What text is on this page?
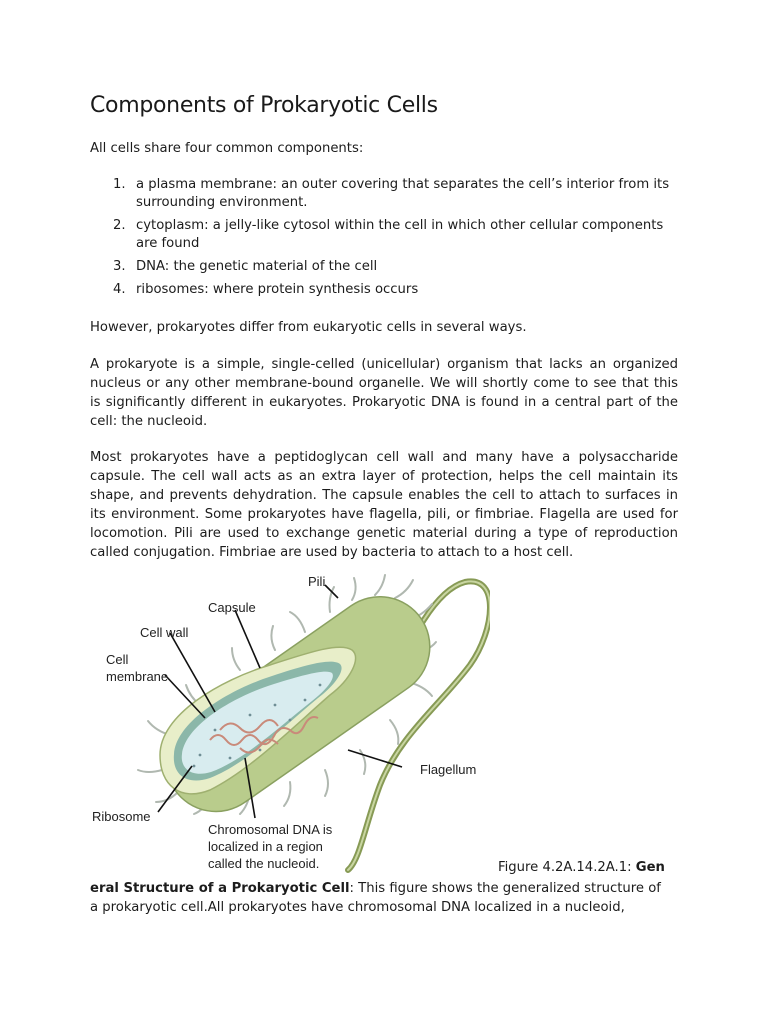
Components of Prokaryotic Cells

All cells share four common components:

1. a plasma membrane: an outer covering that separates the cell’s interior from its
surrounding environment.
2. cytoplasm: a jelly-like cytosol within the cell in which other cellular components
are found
3. DNA: the genetic material of the cell
4. ribosomes: where protein synthesis occurs

However, prokaryotes differ from eukaryotic cells in several ways.

A prokaryote is a simple, single-celled (unicellular) organism that lacks an organized nucleus or any other membrane-bound organelle. We will shortly come to see that this is significantly different in eukaryotes. Prokaryotic DNA is found in a central part of the cell: the nucleoid.

Most prokaryotes have a peptidoglycan cell wall and many have a polysaccharide capsule. The cell wall acts as an extra layer of protection, helps the cell maintain its shape, and prevents dehydration. The capsule enables the cell to attach to surfaces in its environment. Some prokaryotes have flagella, pili, or fimbriae. Flagella are used for locomotion. Pili are used to exchange genetic material during a type of reproduction called conjugation. Fimbriae are used by bacteria to attach to a host cell.

Pili
Capsule
Cell wall
Cell
membrane
Flagellum
Ribosome
Chromosomal DNA is
localized in a region
called the nucleoid.	Figure 4.2A.14.2A.1: Gen
eral Structure of a Prokaryotic Cell: This figure shows the generalized structure of
a prokaryotic cell.All prokaryotes have chromosomal DNA localized in a nucleoid,
